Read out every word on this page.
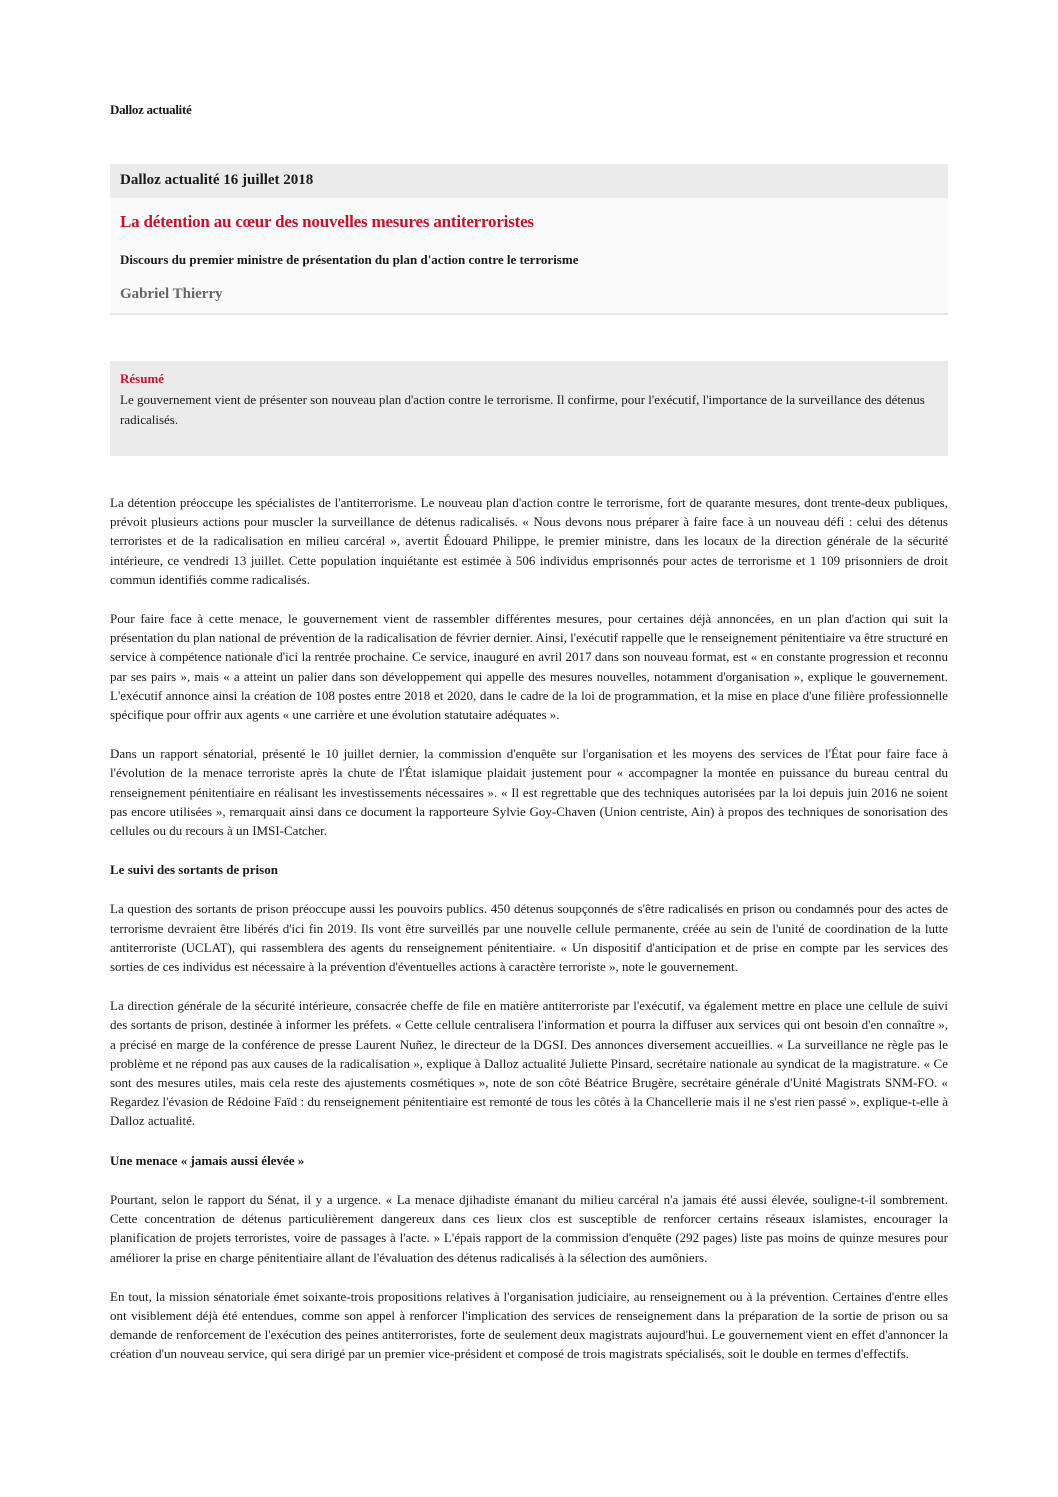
Dalloz actualité
Dalloz actualité 16 juillet 2018
La détention au cœur des nouvelles mesures antiterroristes
Discours du premier ministre de présentation du plan d'action contre le terrorisme
Gabriel Thierry
Résumé
Le gouvernement vient de présenter son nouveau plan d'action contre le terrorisme. Il confirme, pour l'exécutif, l'importance de la surveillance des détenus radicalisés.

La détention préoccupe les spécialistes de l'antiterrorisme. Le nouveau plan d'action contre le terrorisme, fort de quarante mesures, dont trente-deux publiques, prévoit plusieurs actions pour muscler la surveillance de détenus radicalisés. « Nous devons nous préparer à faire face à un nouveau défi : celui des détenus terroristes et de la radicalisation en milieu carcéral », avertit Édouard Philippe, le premier ministre, dans les locaux de la direction générale de la sécurité intérieure, ce vendredi 13 juillet. Cette population inquiétante est estimée à 506 individus emprisonnés pour actes de terrorisme et 1 109 prisonniers de droit commun identifiés comme radicalisés.

Pour faire face à cette menace, le gouvernement vient de rassembler différentes mesures, pour certaines déjà annoncées, en un plan d'action qui suit la présentation du plan national de prévention de la radicalisation de février dernier. Ainsi, l'exécutif rappelle que le renseignement pénitentiaire va être structuré en service à compétence nationale d'ici la rentrée prochaine. Ce service, inauguré en avril 2017 dans son nouveau format, est « en constante progression et reconnu par ses pairs », mais « a atteint un palier dans son développement qui appelle des mesures nouvelles, notamment d'organisation », explique le gouvernement. L'exécutif annonce ainsi la création de 108 postes entre 2018 et 2020, dans le cadre de la loi de programmation, et la mise en place d'une filière professionnelle spécifique pour offrir aux agents « une carrière et une évolution statutaire adéquates ».

Dans un rapport sénatorial, présenté le 10 juillet dernier, la commission d'enquête sur l'organisation et les moyens des services de l'État pour faire face à l'évolution de la menace terroriste après la chute de l'État islamique plaidait justement pour « accompagner la montée en puissance du bureau central du renseignement pénitentiaire en réalisant les investissements nécessaires ». « Il est regrettable que des techniques autorisées par la loi depuis juin 2016 ne soient pas encore utilisées », remarquait ainsi dans ce document la rapporteure Sylvie Goy-Chaven (Union centriste, Ain) à propos des techniques de sonorisation des cellules ou du recours à un IMSI-Catcher.

Le suivi des sortants de prison

La question des sortants de prison préoccupe aussi les pouvoirs publics. 450 détenus soupçonnés de s'être radicalisés en prison ou condamnés pour des actes de terrorisme devraient être libérés d'ici fin 2019. Ils vont être surveillés par une nouvelle cellule permanente, créée au sein de l'unité de coordination de la lutte antiterroriste (UCLAT), qui rassemblera des agents du renseignement pénitentiaire. « Un dispositif d'anticipation et de prise en compte par les services des sorties de ces individus est nécessaire à la prévention d'éventuelles actions à caractère terroriste », note le gouvernement.

La direction générale de la sécurité intérieure, consacrée cheffe de file en matière antiterroriste par l'exécutif, va également mettre en place une cellule de suivi des sortants de prison, destinée à informer les préfets. « Cette cellule centralisera l'information et pourra la diffuser aux services qui ont besoin d'en connaître », a précisé en marge de la conférence de presse Laurent Nuñez, le directeur de la DGSI. Des annonces diversement accueillies. « La surveillance ne règle pas le problème et ne répond pas aux causes de la radicalisation », explique à Dalloz actualité Juliette Pinsard, secrétaire nationale au syndicat de la magistrature. « Ce sont des mesures utiles, mais cela reste des ajustements cosmétiques », note de son côté Béatrice Brugère, secrétaire générale d'Unité Magistrats SNM-FO. « Regardez l'évasion de Rédoine Faïd : du renseignement pénitentiaire est remonté de tous les côtés à la Chancellerie mais il ne s'est rien passé », explique-t-elle à Dalloz actualité.

Une menace « jamais aussi élevée »

Pourtant, selon le rapport du Sénat, il y a urgence. « La menace djihadiste émanant du milieu carcéral n'a jamais été aussi élevée, souligne-t-il sombrement. Cette concentration de détenus particulièrement dangereux dans ces lieux clos est susceptible de renforcer certains réseaux islamistes, encourager la planification de projets terroristes, voire de passages à l'acte. » L'épais rapport de la commission d'enquête (292 pages) liste pas moins de quinze mesures pour améliorer la prise en charge pénitentiaire allant de l'évaluation des détenus radicalisés à la sélection des aumôniers.

En tout, la mission sénatoriale émet soixante-trois propositions relatives à l'organisation judiciaire, au renseignement ou à la prévention. Certaines d'entre elles ont visiblement déjà été entendues, comme son appel à renforcer l'implication des services de renseignement dans la préparation de la sortie de prison ou sa demande de renforcement de l'exécution des peines antiterroristes, forte de seulement deux magistrats aujourd'hui. Le gouvernement vient en effet d'annoncer la création d'un nouveau service, qui sera dirigé par un premier vice-président et composé de trois magistrats spécialisés, soit le double en termes d'effectifs.
